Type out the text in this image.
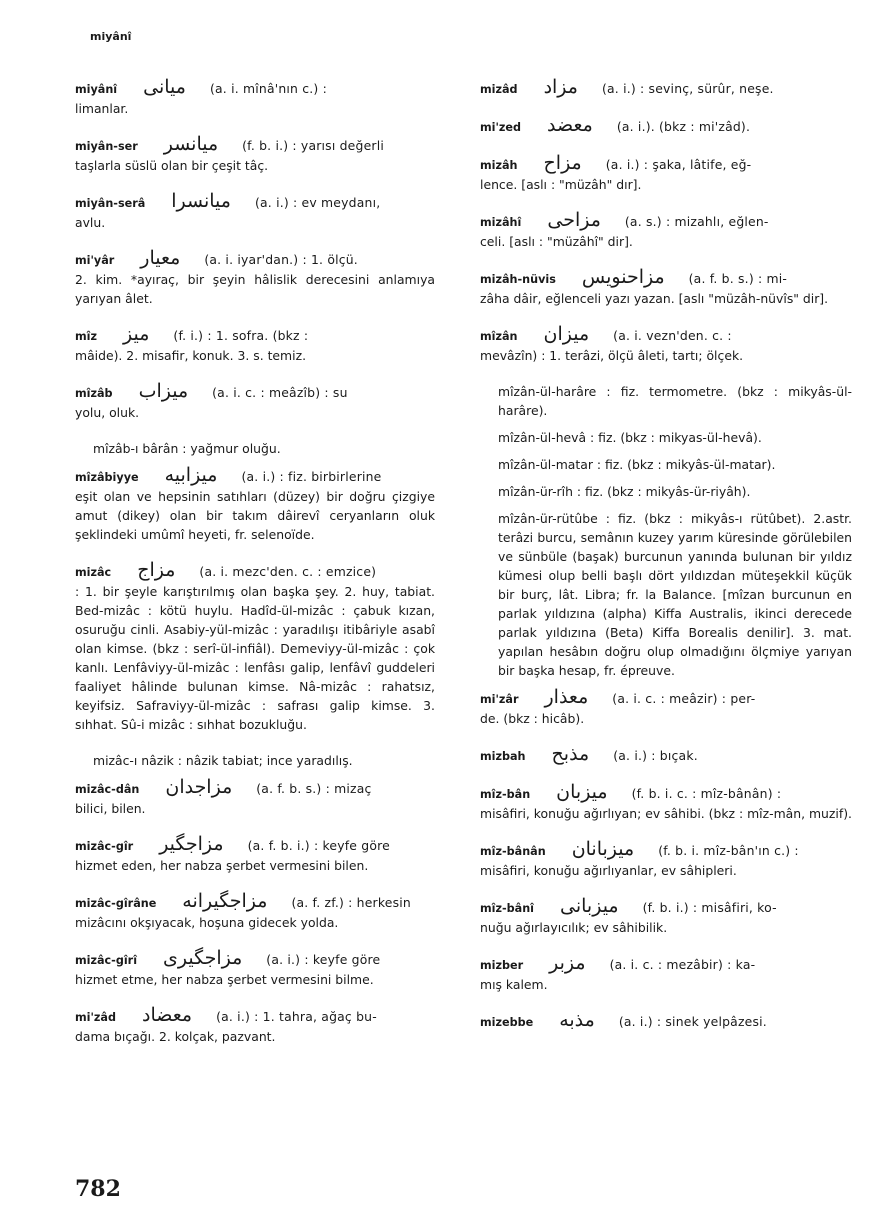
miyânî
miyânî میانی (a. i. mînâ'nın c.) :
limanlar.
miyân-ser میانسر (f. b. i.) : yarısı değerli
taşlarla süslü olan bir çeşit tâç.
miyân-serâ میانسرا (a. i.) : ev meydanı,
avlu.
mi'yâr معیار (a. i. iyar'dan.) : 1. ölçü.
2. kim. *ayıraç, bir şeyin hâlislik derecesini anlamıya yarıyan âlet.
mîz میز (f. i.) : 1. sofra. (bkz :
mâide). 2. misafir, konuk. 3. s. temiz.
mîzâb میزاب (a. i. c. : meâzîb) : su
yolu, oluk.
mîzâb-ı bârân : yağmur oluğu.
mîzâbiyye میزابیه (a. i.) : fiz. birbirlerine
eşit olan ve hepsinin satıhları (düzey) bir doğru çizgiye amut (dikey) olan bir takım dâirevî ceryanların oluk şeklindeki umûmî heyeti, fr. selenoïde.
mizâc مزاج (a. i. mezc'den. c. : emzice)
: 1. bir şeyle karıştırılmış olan başka şey. 2. huy, tabiat. Bed-mizâc : kötü huylu. Hadîd-ül-mizâc : çabuk kızan, osuruğu cinli. Asabiy-yül-mizâc : yaradılışı itibâriyle asabî olan kimse. (bkz : serî-ül-infiâl). Demeviyy-ül-mizâc : çok kanlı. Lenfâviyy-ül-mizâc : lenfâsı galip, lenfâvî guddeleri faaliyet hâlinde bulunan kimse. Nâ-mizâc : rahatsız, keyifsiz. Safraviyy-ül-mizâc : safrası galip kimse. 3. sıhhat. Sû-i mizâc : sıhhat bozukluğu.
mizâc-ı nâzik : nâzik tabiat; ince yaradılış.
mizâc-dân مزاجدان (a. f. b. s.) : mizaç
bilici, bilen.
mizâc-gîr مزاجگیر (a. f. b. i.) : keyfe göre
hizmet eden, her nabza şerbet vermesini bilen.
mizâc-gîrâne مزاجگیرانه (a. f. zf.) : herkesin
mizâcını okşıyacak, hoşuna gidecek yolda.
mizâc-gîrî مزاجگیری (a. i.) : keyfe göre
hizmet etme, her nabza şerbet vermesini bilme.
mi'zâd معضاد (a. i.) : 1. tahra, ağaç bu-
dama bıçağı. 2. kolçak, pazvant.
mizâd مزاد (a. i.) : sevinç, sürûr, neşe.
mi'zed معضد (a. i.). (bkz : mi'zâd).
mizâh مزاح (a. i.) : şaka, lâtife, eğ-
lence. [aslı : "müzâh" dır].
mizâhî مزاحی (a. s.) : mizahlı, eğlen-
celi. [aslı : "müzâhî" dir].
mizâh-nüvis مزاحنویس (a. f. b. s.) : mi-
zâha dâir, eğlenceli yazı yazan. [aslı "müzâh-nüvîs" dir].
mîzân میزان (a. i. vezn'den. c. :
mevâzîn) : 1. terâzi, ölçü âleti, tartı; ölçek.
mîzân-ül-harâre : fiz. termometre. (bkz : mikyâs-ül-harâre).
mîzân-ül-hevâ : fiz. (bkz : mikyas-ül-hevâ).
mîzân-ül-matar : fiz. (bkz : mikyâs-ül-matar).
mîzân-ür-rîh : fiz. (bkz : mikyâs-ür-riyâh).
mîzân-ür-rütûbe : fiz. (bkz : mikyâs-ı rütûbet). 2.astr. terâzi burcu, semânın kuzey yarım küresinde görülebilen ve sünbüle (başak) burcunun yanında bulunan bir yıldız kümesi olup belli başlı dört yıldızdan müteşekkil küçük bir burç, lât. Libra; fr. la Balance. [mîzan burcunun en parlak yıldızına (alpha) Kiffa Australis, ikinci derecede parlak yıldızına (Beta) Kiffa Borealis denilir]. 3. mat. yapılan hesâbın doğru olup olmadığını ölçmiye yarıyan bir başka hesap, fr. épreuve.
mi'zâr معذار (a. i. c. : meâzir) : per-
de. (bkz : hicâb).
mizbah مذبح (a. i.) : bıçak.
mîz-bân میزبان (f. b. i. c. : mîz-bânân) :
misâfiri, konuğu ağırlıyan; ev sâhibi. (bkz : mîz-mân, muzif).
mîz-bânân میزبانان (f. b. i. mîz-bân'ın c.) :
misâfiri, konuğu ağırlıyanlar, ev sâhipleri.
mîz-bânî میزبانی (f. b. i.) : misâfiri, ko-
nuğu ağırlayıcılık; ev sâhibilik.
mizber مزبر (a. i. c. : mezâbir) : ka-
mış kalem.
mizebbe مذبه (a. i.) : sinek yelpâzesi.
782
